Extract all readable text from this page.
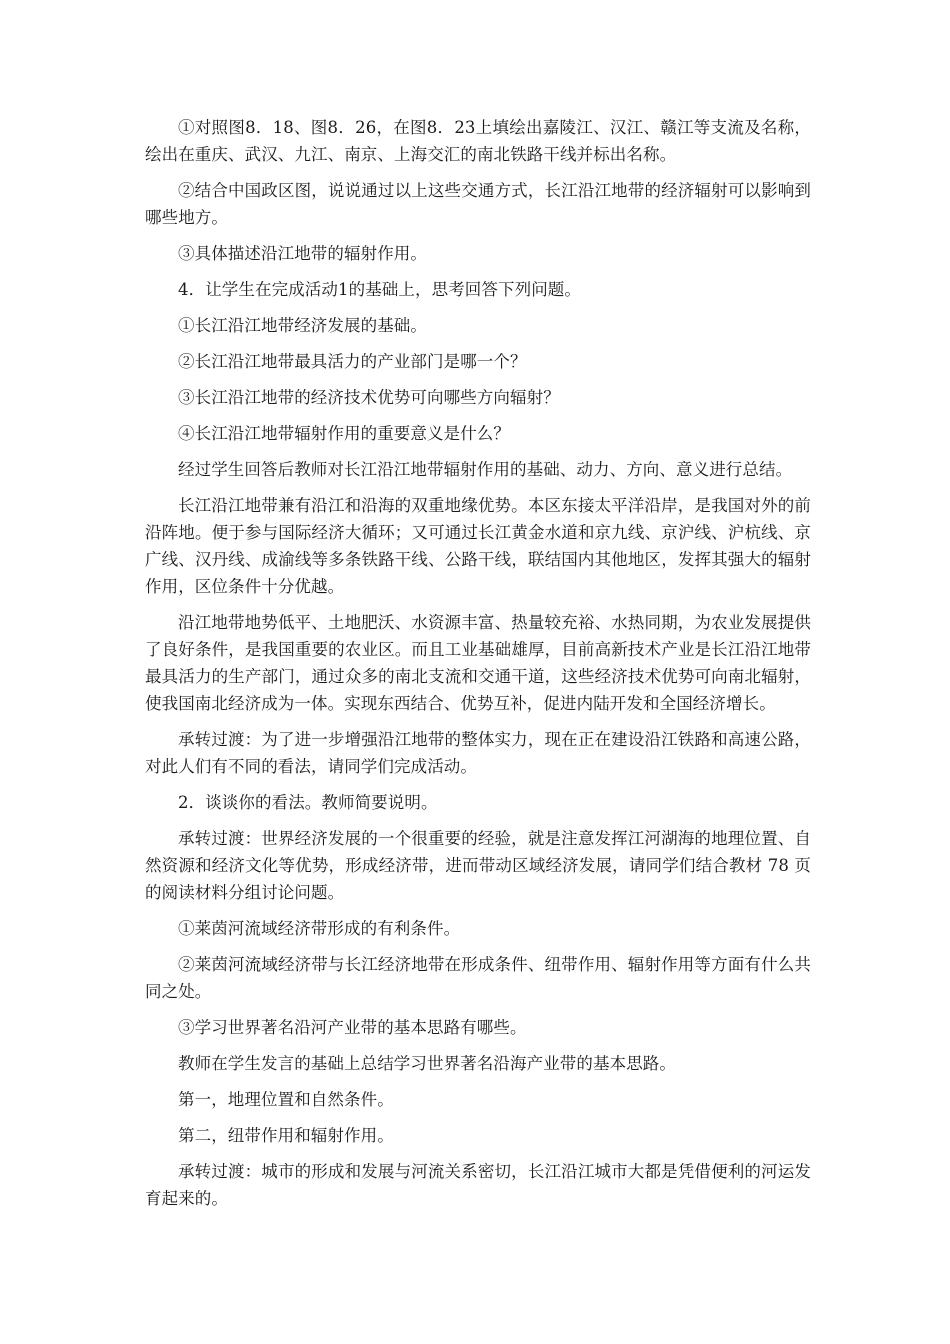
①对照图8．18、图8．26，在图8．23上填绘出嘉陵江、汉江、赣江等支流及名称，绘出在重庆、武汉、九江、南京、上海交汇的南北铁路干线并标出名称。

②结合中国政区图，说说通过以上这些交通方式，长江沿江地带的经济辐射可以影响到哪些地方。

③具体描述沿江地带的辐射作用。

4．让学生在完成活动1的基础上，思考回答下列问题。

①长江沿江地带经济发展的基础。

②长江沿江地带最具活力的产业部门是哪一个？

③长江沿江地带的经济技术优势可向哪些方向辐射？

④长江沿江地带辐射作用的重要意义是什么？

经过学生回答后教师对长江沿江地带辐射作用的基础、动力、方向、意义进行总结。

长江沿江地带兼有沿江和沿海的双重地缘优势。本区东接太平洋沿岸，是我国对外的前沿阵地。便于参与国际经济大循环；又可通过长江黄金水道和京九线、京沪线、沪杭线、京广线、汉丹线、成渝线等多条铁路干线、公路干线，联结国内其他地区，发挥其强大的辐射作用，区位条件十分优越。

沿江地带地势低平、土地肥沃、水资源丰富、热量较充裕、水热同期，为农业发展提供了良好条件，是我国重要的农业区。而且工业基础雄厚，目前高新技术产业是长江沿江地带最具活力的生产部门，通过众多的南北支流和交通干道，这些经济技术优势可向南北辐射，使我国南北经济成为一体。实现东西结合、优势互补，促进内陆开发和全国经济增长。

承转过渡：为了进一步增强沿江地带的整体实力，现在正在建设沿江铁路和高速公路，对此人们有不同的看法，请同学们完成活动。

2．谈谈你的看法。教师简要说明。

承转过渡：世界经济发展的一个很重要的经验，就是注意发挥江河湖海的地理位置、自然资源和经济文化等优势，形成经济带，进而带动区域经济发展，请同学们结合教材 78 页的阅读材料分组讨论问题。

①莱茵河流域经济带形成的有利条件。

②莱茵河流域经济带与长江经济地带在形成条件、纽带作用、辐射作用等方面有什么共同之处。

③学习世界著名沿河产业带的基本思路有哪些。

教师在学生发言的基础上总结学习世界著名沿海产业带的基本思路。

第一，地理位置和自然条件。

第二，纽带作用和辐射作用。

承转过渡：城市的形成和发展与河流关系密切，长江沿江城市大都是凭借便利的河运发育起来的。
